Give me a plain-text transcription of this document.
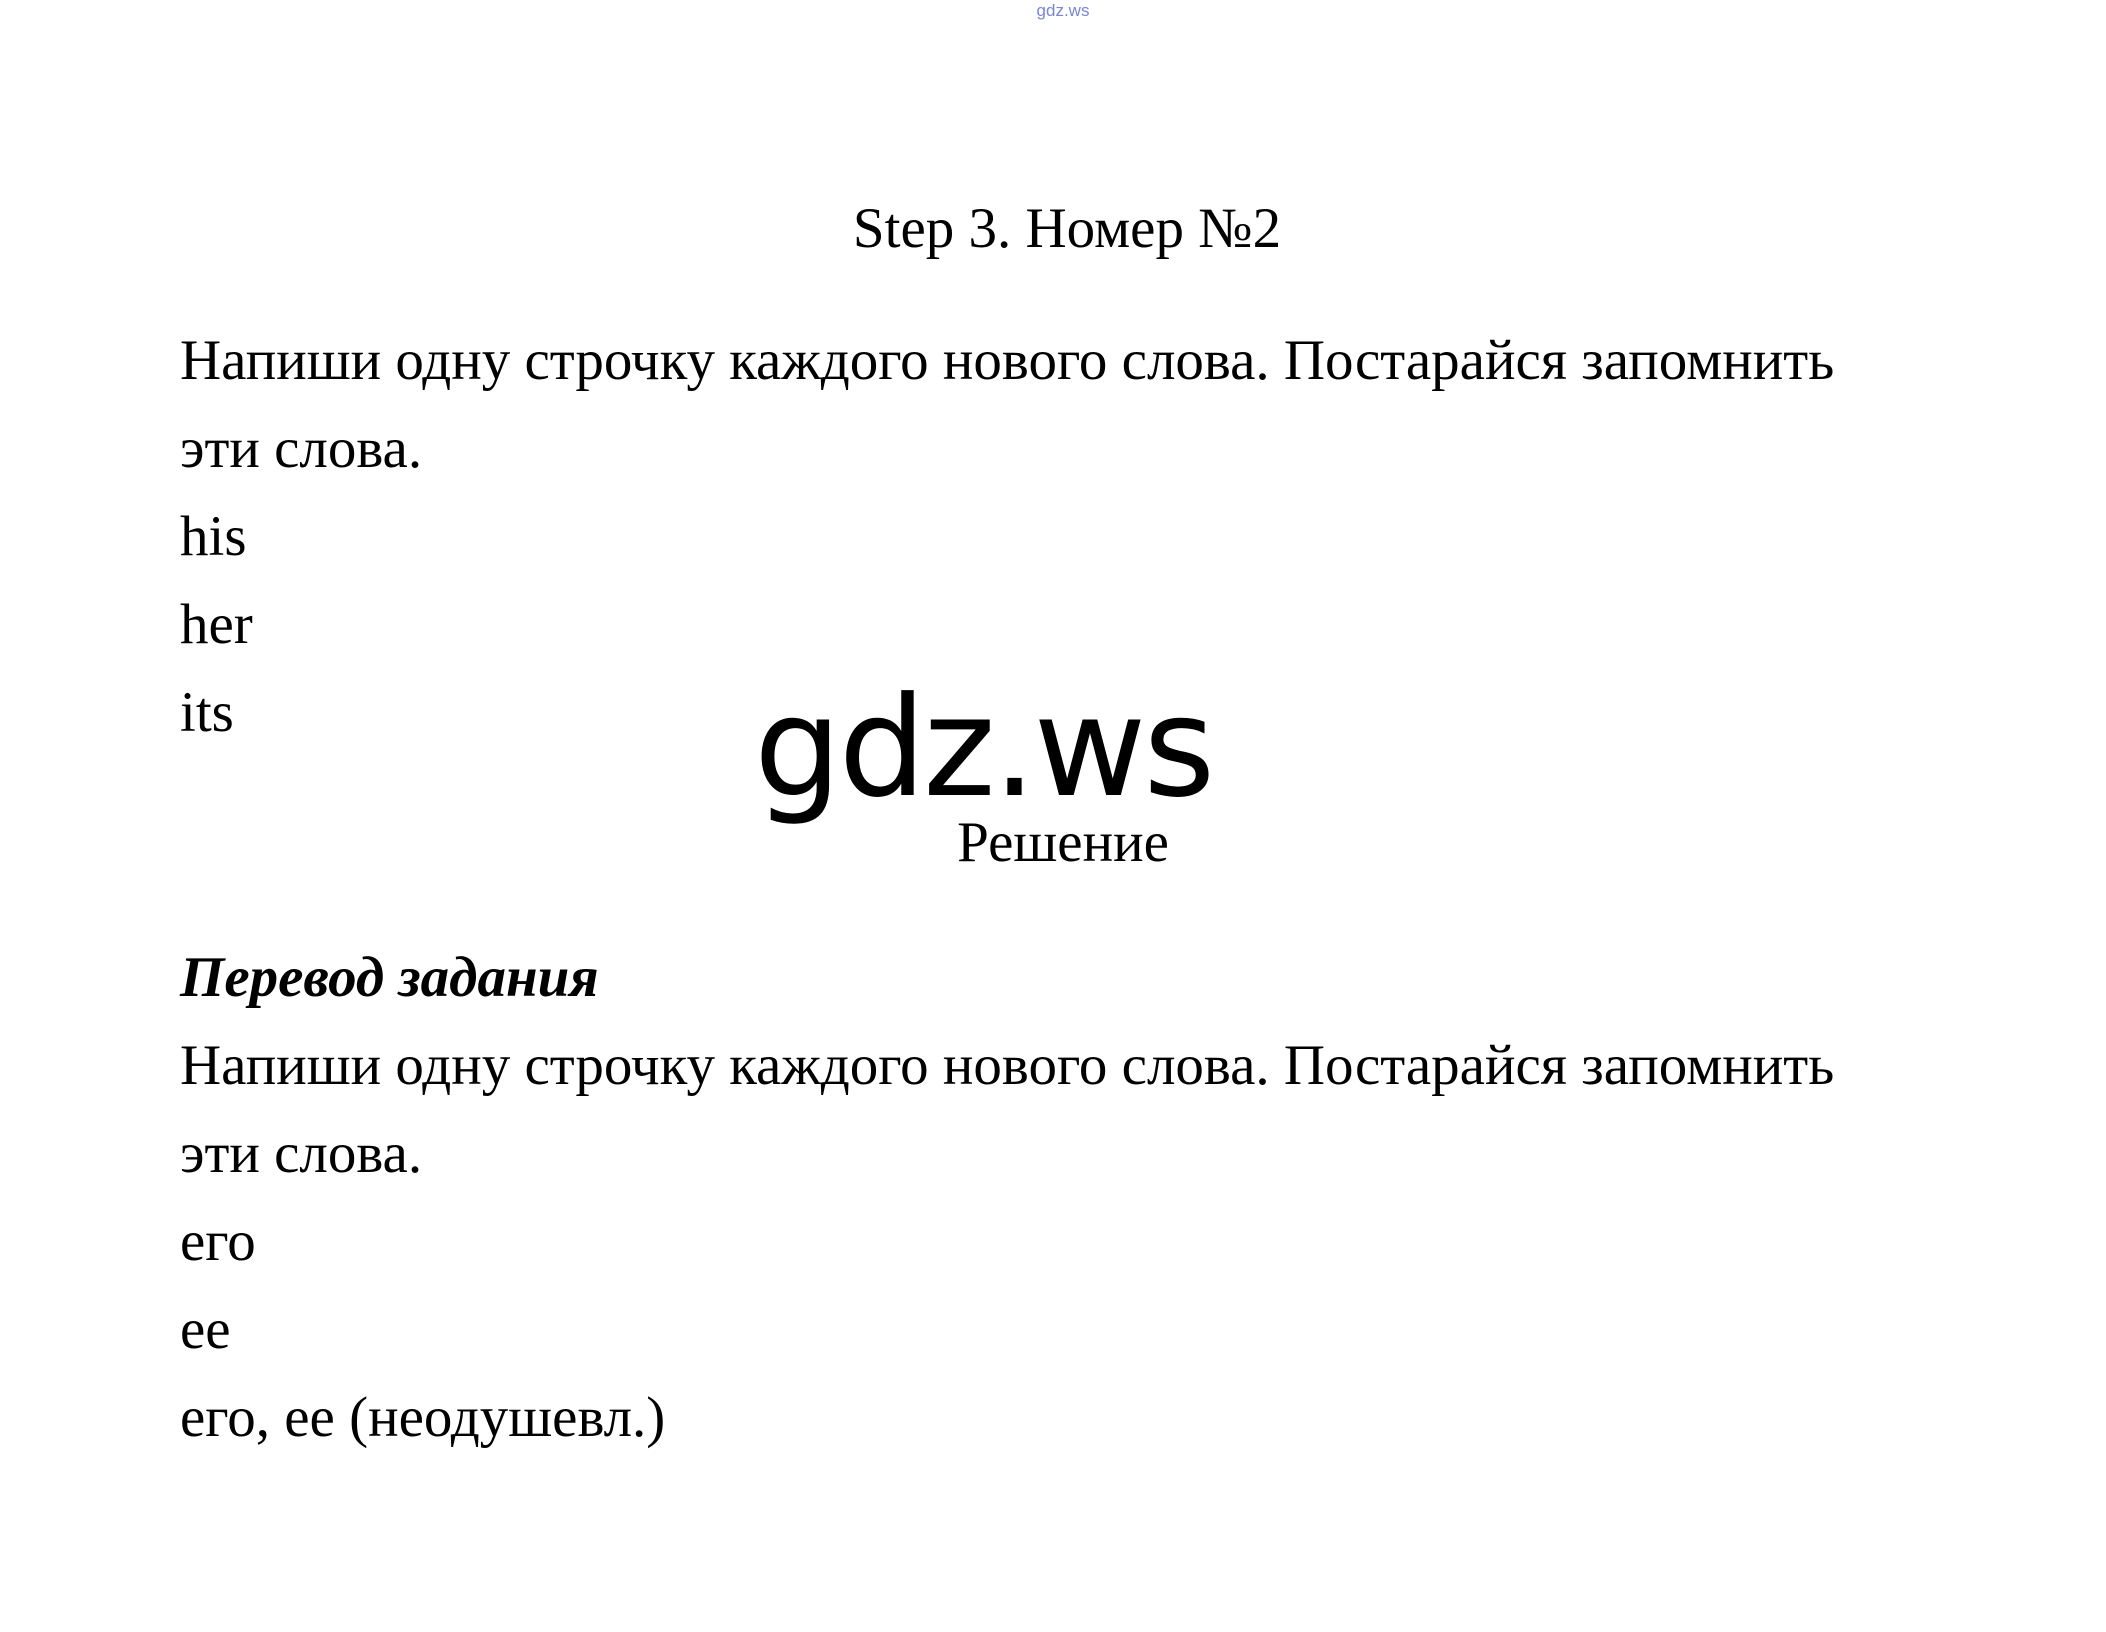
gdz.ws
Step 3. Номер №2
Напиши одну строчку каждого нового слова. Постарайся запомнить
эти слова.
his
her
its	gdz.ws
Решение
Перевод задания
Напиши одну строчку каждого нового слова. Постарайся запомнить
эти слова.
его
ее
его, ее (неодушевл.)
